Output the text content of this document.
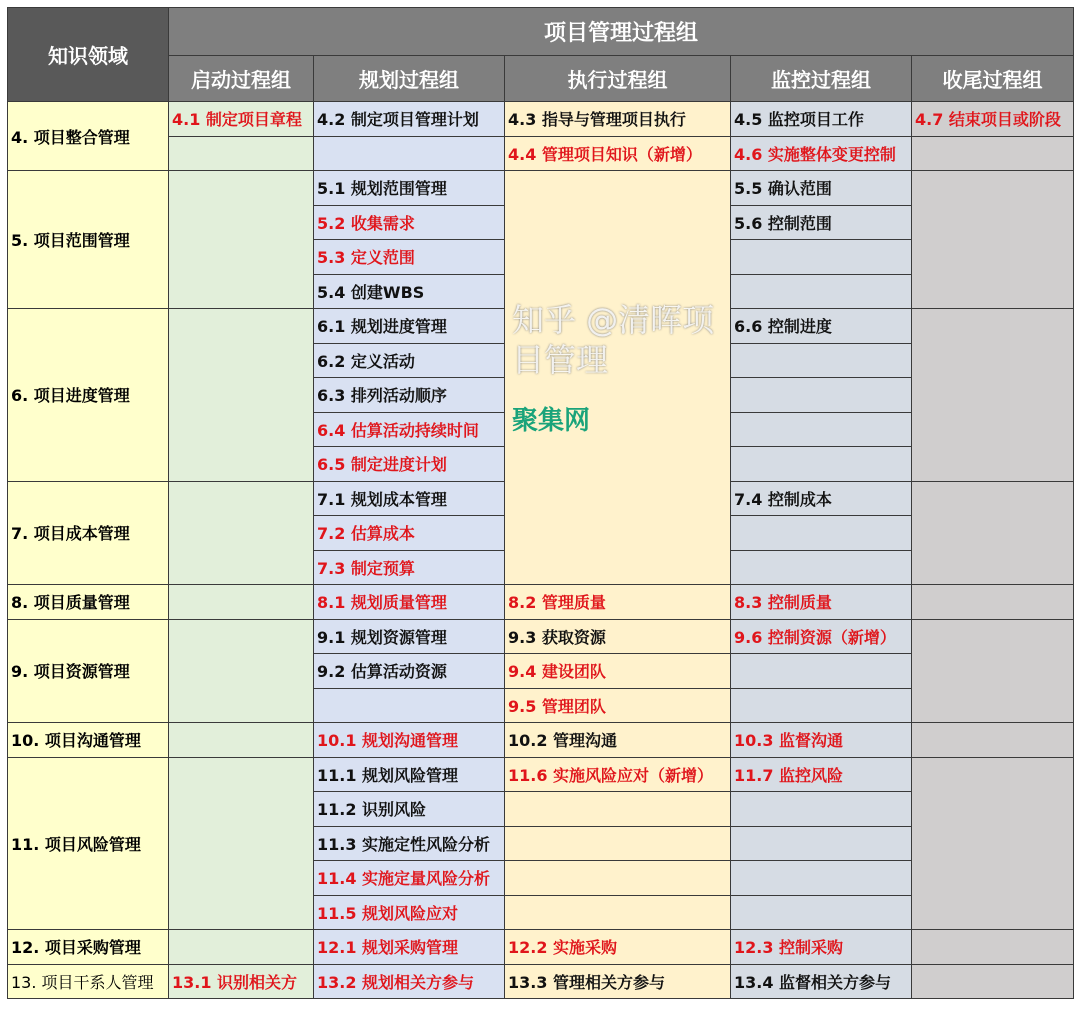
知识领域	项目管理过程组				
	启动过程组	规划过程组	执行过程组	监控过程组	收尾过程组
4. 项目整合管理	4.1 制定项目章程	4.2 制定项目管理计划	4.3 指导与管理项目执行	4.5 监控项目工作	4.7 结束项目或阶段
			4.4 管理项目知识（新增）	4.6 实施整体变更控制	
5. 项目范围管理		5.1 规划范围管理		5.5 确认范围	
		5.2 收集需求		5.6 控制范围	
		5.3 定义范围			
		5.4 创建WBS			
6. 项目进度管理		6.1 规划进度管理		6.6 控制进度	
		6.2 定义活动			
		6.3 排列活动顺序			
		6.4 估算活动持续时间			
		6.5 制定进度计划			
7. 项目成本管理		7.1 规划成本管理		7.4 控制成本	
		7.2 估算成本			
		7.3 制定预算			
8. 项目质量管理		8.1 规划质量管理	8.2 管理质量	8.3 控制质量	
9. 项目资源管理		9.1 规划资源管理	9.3 获取资源	9.6 控制资源（新增）	
		9.2 估算活动资源	9.4 建设团队		
			9.5 管理团队		
10. 项目沟通管理		10.1 规划沟通管理	10.2 管理沟通	10.3 监督沟通	
11. 项目风险管理		11.1 规划风险管理	11.6 实施风险应对（新增）	11.7 监控风险	
		11.2 识别风险			
		11.3 实施定性风险分析			
		11.4 实施定量风险分析			
		11.5 规划风险应对			
12. 项目采购管理		12.1 规划采购管理	12.2 实施采购	12.3 控制采购	
13. 项目干系人管理	13.1 识别相关方	13.2 规划相关方参与	13.3 管理相关方参与	13.4 监督相关方参与	
知乎 @清晖项目管理
聚集网
